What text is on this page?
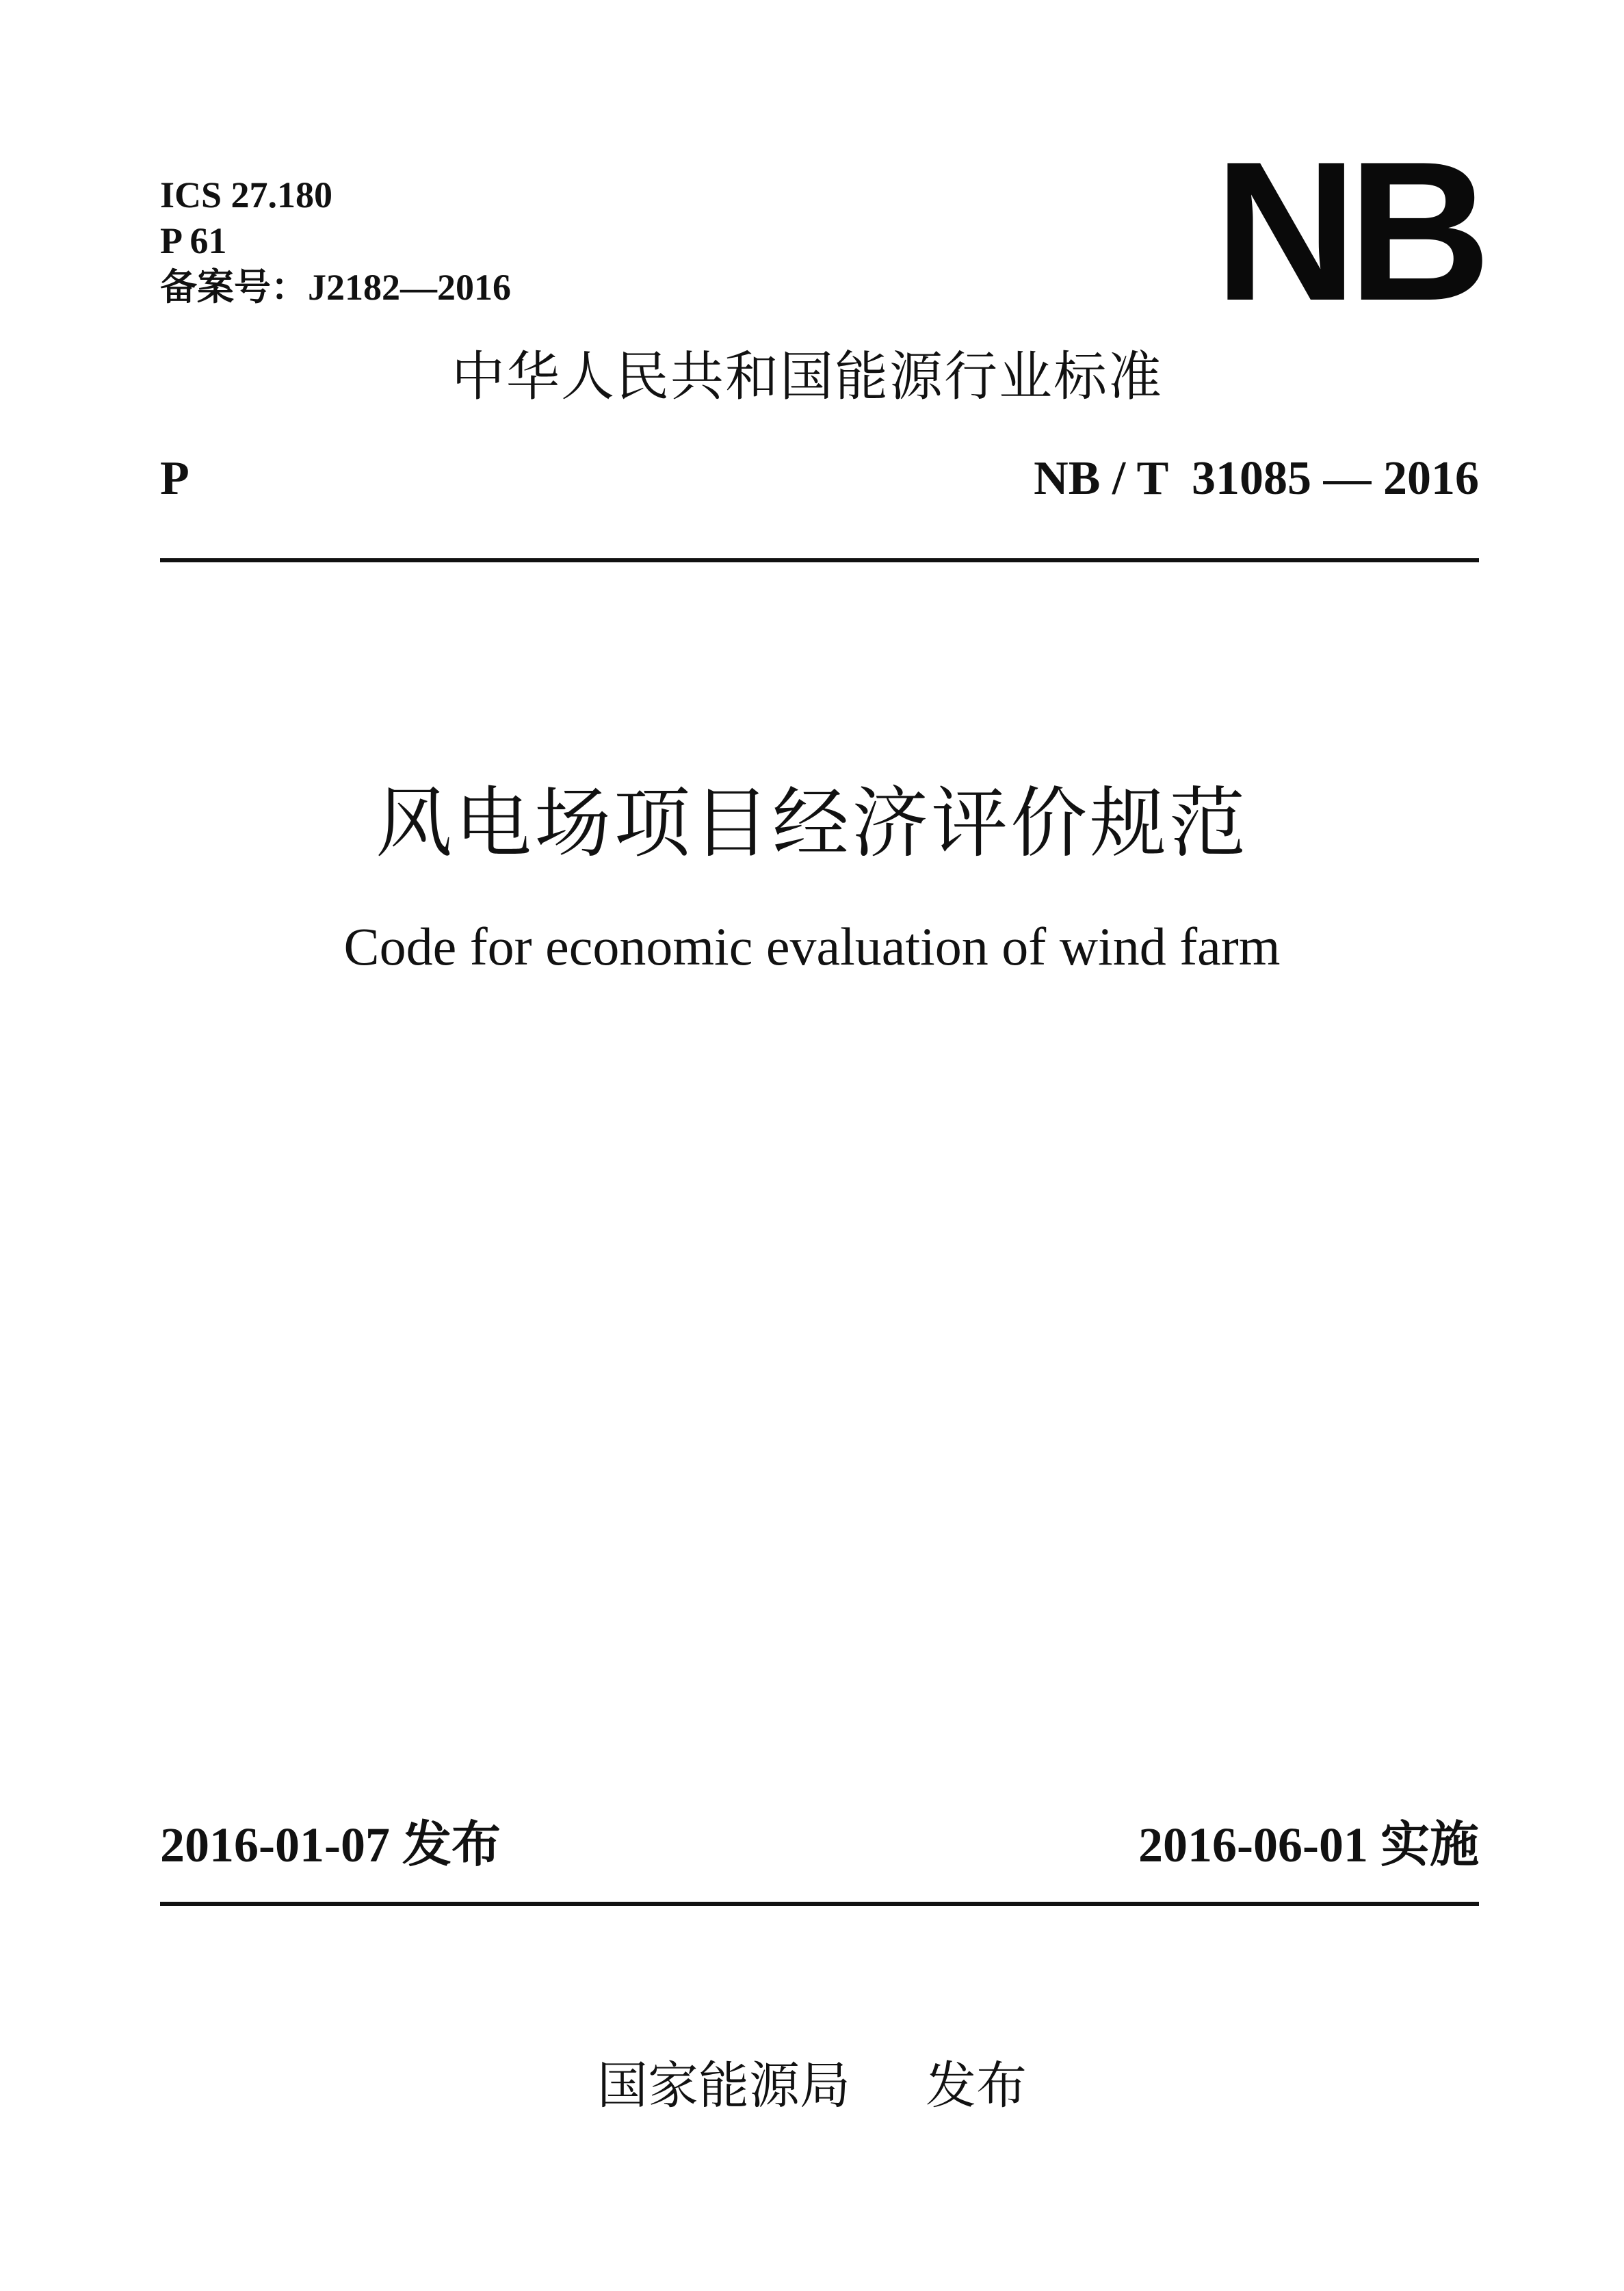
ICS 27.180
P 61
备案号：J2182—2016	NB
中华人民共和国能源行业标准
P	NB / T  31085 — 2016
风电场项目经济评价规范
Code for economic evaluation of wind farm
2016-01-07 发布	2016-06-01 实施
国家能源局 发布
